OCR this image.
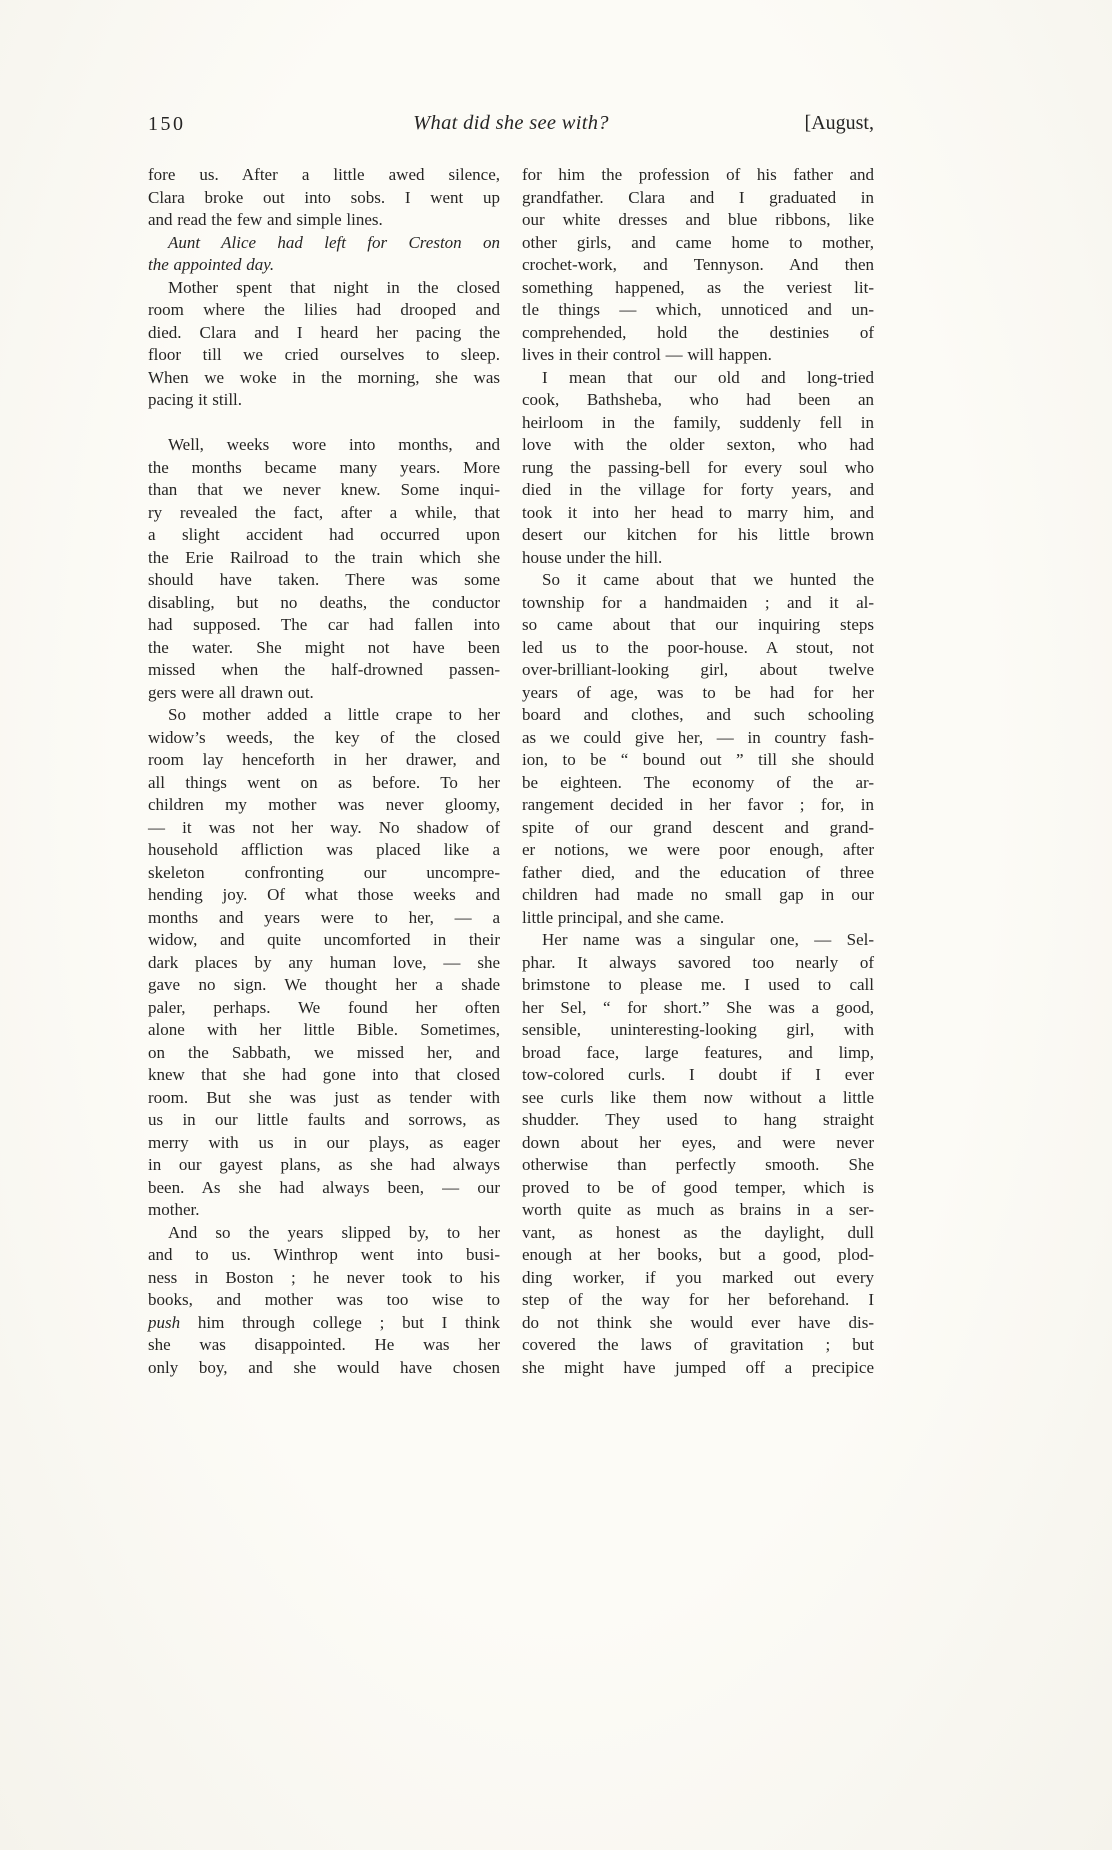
150	What did she see with?	[August,
fore us. After a little awed silence,
Clara broke out into sobs. I went up
and read the few and simple lines.
Aunt Alice had left for Creston on
the appointed day.
Mother spent that night in the closed
room where the lilies had drooped and
died. Clara and I heard her pacing the
floor till we cried ourselves to sleep.
When we woke in the morning, she was
pacing it still.
Well, weeks wore into months, and
the months became many years. More
than that we never knew. Some inqui-
ry revealed the fact, after a while, that
a slight accident had occurred upon
the Erie Railroad to the train which she
should have taken. There was some
disabling, but no deaths, the conductor
had supposed. The car had fallen into
the water. She might not have been
missed when the half-drowned passen-
gers were all drawn out.
So mother added a little crape to her
widow’s weeds, the key of the closed
room lay henceforth in her drawer, and
all things went on as before. To her
children my mother was never gloomy,
— it was not her way. No shadow of
household affliction was placed like a
skeleton confronting our uncompre-
hending joy. Of what those weeks and
months and years were to her, — a
widow, and quite uncomforted in their
dark places by any human love, — she
gave no sign. We thought her a shade
paler, perhaps. We found her often
alone with her little Bible. Sometimes,
on the Sabbath, we missed her, and
knew that she had gone into that closed
room. But she was just as tender with
us in our little faults and sorrows, as
merry with us in our plays, as eager
in our gayest plans, as she had always
been. As she had always been, — our
mother.
And so the years slipped by, to her
and to us. Winthrop went into busi-
ness in Boston ; he never took to his
books, and mother was too wise to
push him through college ; but I think
she was disappointed. He was her
only boy, and she would have chosen
for him the profession of his father and
grandfather. Clara and I graduated in
our white dresses and blue ribbons, like
other girls, and came home to mother,
crochet-work, and Tennyson. And then
something happened, as the veriest lit-
tle things — which, unnoticed and un-
comprehended, hold the destinies of
lives in their control — will happen.
I mean that our old and long-tried
cook, Bathsheba, who had been an
heirloom in the family, suddenly fell in
love with the older sexton, who had
rung the passing-bell for every soul who
died in the village for forty years, and
took it into her head to marry him, and
desert our kitchen for his little brown
house under the hill.
So it came about that we hunted the
township for a handmaiden ; and it al-
so came about that our inquiring steps
led us to the poor-house. A stout, not
over-brilliant-looking girl, about twelve
years of age, was to be had for her
board and clothes, and such schooling
as we could give her, — in country fash-
ion, to be “ bound out ” till she should
be eighteen. The economy of the ar-
rangement decided in her favor ; for, in
spite of our grand descent and grand-
er notions, we were poor enough, after
father died, and the education of three
children had made no small gap in our
little principal, and she came.
Her name was a singular one, — Sel-
phar. It always savored too nearly of
brimstone to please me. I used to call
her Sel, “ for short.” She was a good,
sensible, uninteresting-looking girl, with
broad face, large features, and limp,
tow-colored curls. I doubt if I ever
see curls like them now without a little
shudder. They used to hang straight
down about her eyes, and were never
otherwise than perfectly smooth. She
proved to be of good temper, which is
worth quite as much as brains in a ser-
vant, as honest as the daylight, dull
enough at her books, but a good, plod-
ding worker, if you marked out every
step of the way for her beforehand. I
do not think she would ever have dis-
covered the laws of gravitation ; but
she might have jumped off a precipice
